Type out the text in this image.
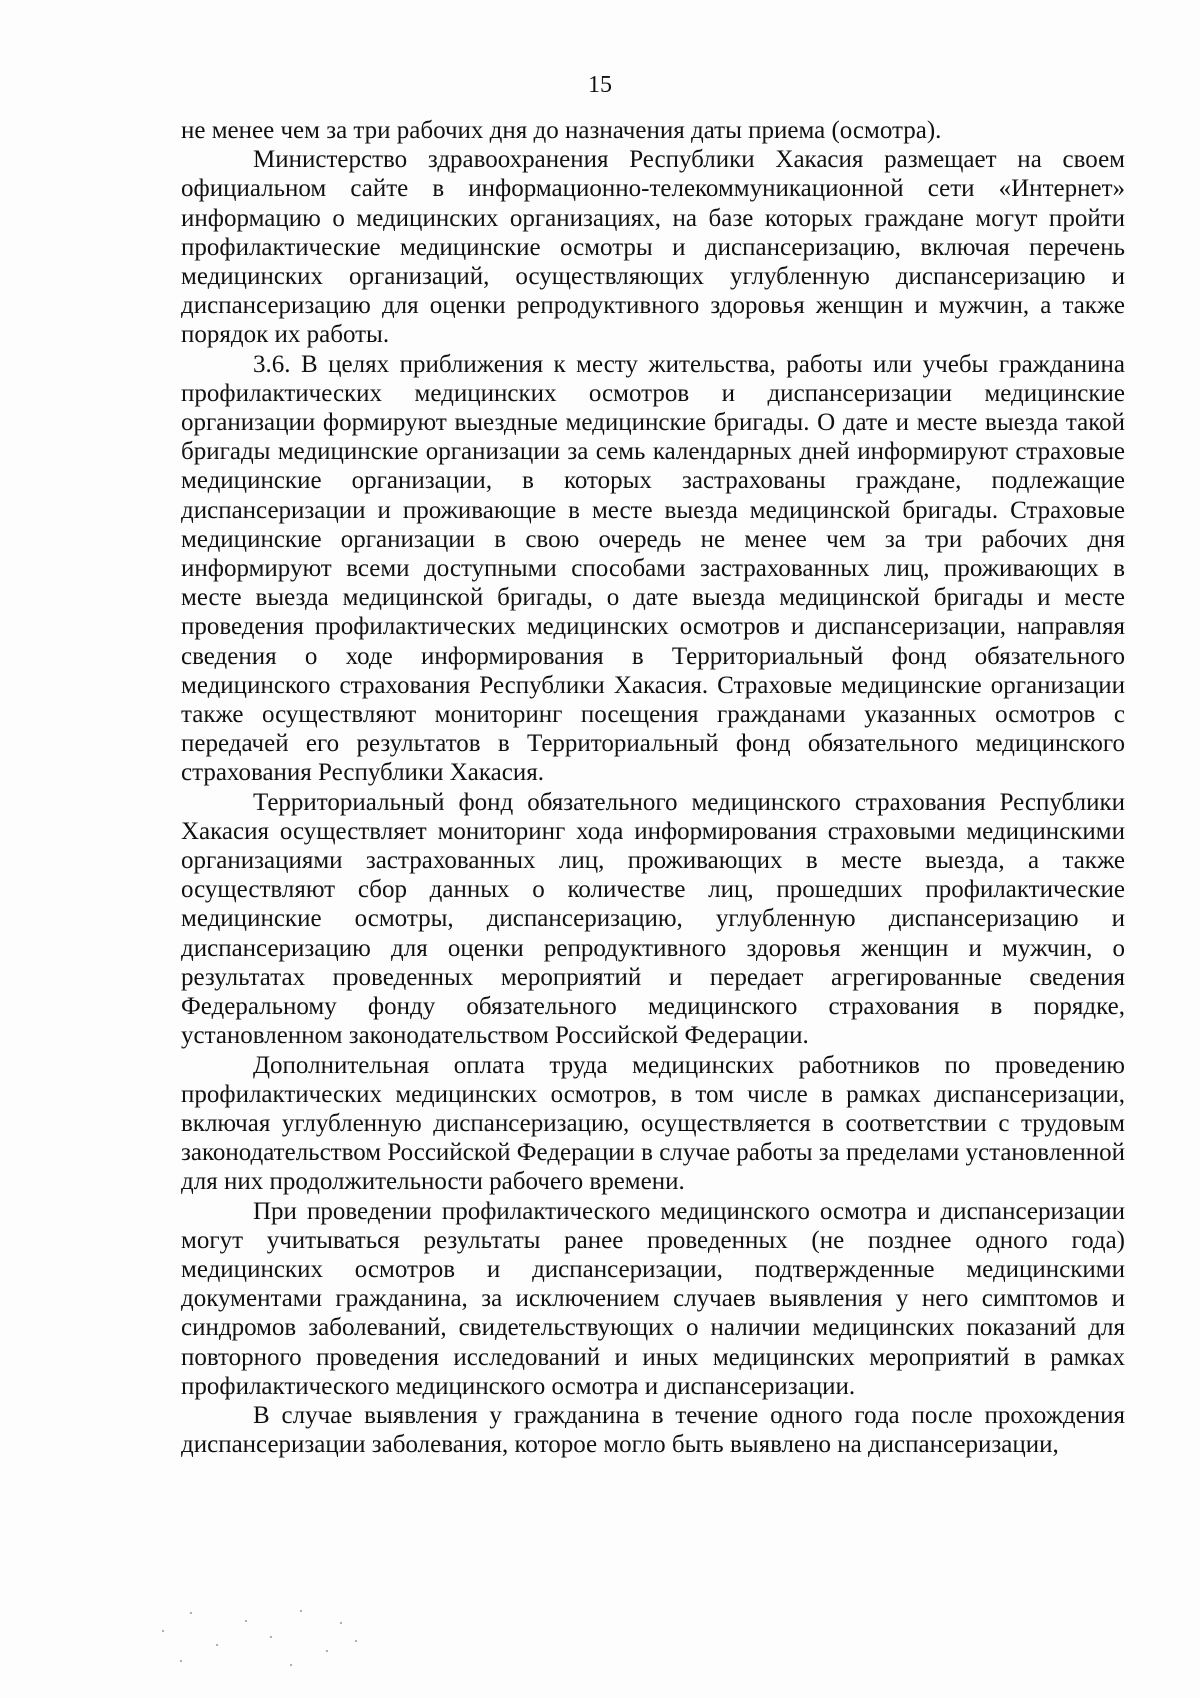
15

не менее чем за три рабочих дня до назначения даты приема (осмотра).

Министерство здравоохранения Республики Хакасия размещает на своем официальном сайте в информационно-телекоммуникационной сети «Интернет» информацию о медицинских организациях, на базе которых граждане могут пройти профилактические медицинские осмотры и диспансеризацию, включая перечень медицинских организаций, осуществляющих углубленную диспансеризацию и диспансеризацию для оценки репродуктивного здоровья женщин и мужчин, а также порядок их работы.

3.6. В целях приближения к месту жительства, работы или учебы гражданина профилактических медицинских осмотров и диспансеризации медицинские организации формируют выездные медицинские бригады. О дате и месте выезда такой бригады медицинские организации за семь календарных дней информируют страховые медицинские организации, в которых застрахованы граждане, подлежащие диспансеризации и проживающие в месте выезда медицинской бригады. Страховые медицинские организации в свою очередь не менее чем за три рабочих дня информируют всеми доступными способами застрахованных лиц, проживающих в месте выезда медицинской бригады, о дате выезда медицинской бригады и месте проведения профилактических медицинских осмотров и диспансеризации, направляя сведения о ходе информирования в Территориальный фонд обязательного медицинского страхования Республики Хакасия. Страховые медицинские организации также осуществляют мониторинг посещения гражданами указанных осмотров с передачей его результатов в Территориальный фонд обязательного медицинского страхования Республики Хакасия.

Территориальный фонд обязательного медицинского страхования Республики Хакасия осуществляет мониторинг хода информирования страховыми медицинскими организациями застрахованных лиц, проживающих в месте выезда, а также осуществляют сбор данных о количестве лиц, прошедших профилактические медицинские осмотры, диспансеризацию, углубленную диспансеризацию и диспансеризацию для оценки репродуктивного здоровья женщин и мужчин, о результатах проведенных мероприятий и передает агрегированные сведения Федеральному фонду обязательного медицинского страхования в порядке, установленном законодательством Российской Федерации.

Дополнительная оплата труда медицинских работников по проведению профилактических медицинских осмотров, в том числе в рамках диспансеризации, включая углубленную диспансеризацию, осуществляется в соответствии с трудовым законодательством Российской Федерации в случае работы за пределами установленной для них продолжительности рабочего времени.

При проведении профилактического медицинского осмотра и диспансеризации могут учитываться результаты ранее проведенных (не позднее одного года) медицинских осмотров и диспансеризации, подтвержденные медицинскими документами гражданина, за исключением случаев выявления у него симптомов и синдромов заболеваний, свидетельствующих о наличии медицинских показаний для повторного проведения исследований и иных медицинских мероприятий в рамках профилактического медицинского осмотра и диспансеризации.

В случае выявления у гражданина в течение одного года после прохождения диспансеризации заболевания, которое могло быть выявлено на диспансеризации,
